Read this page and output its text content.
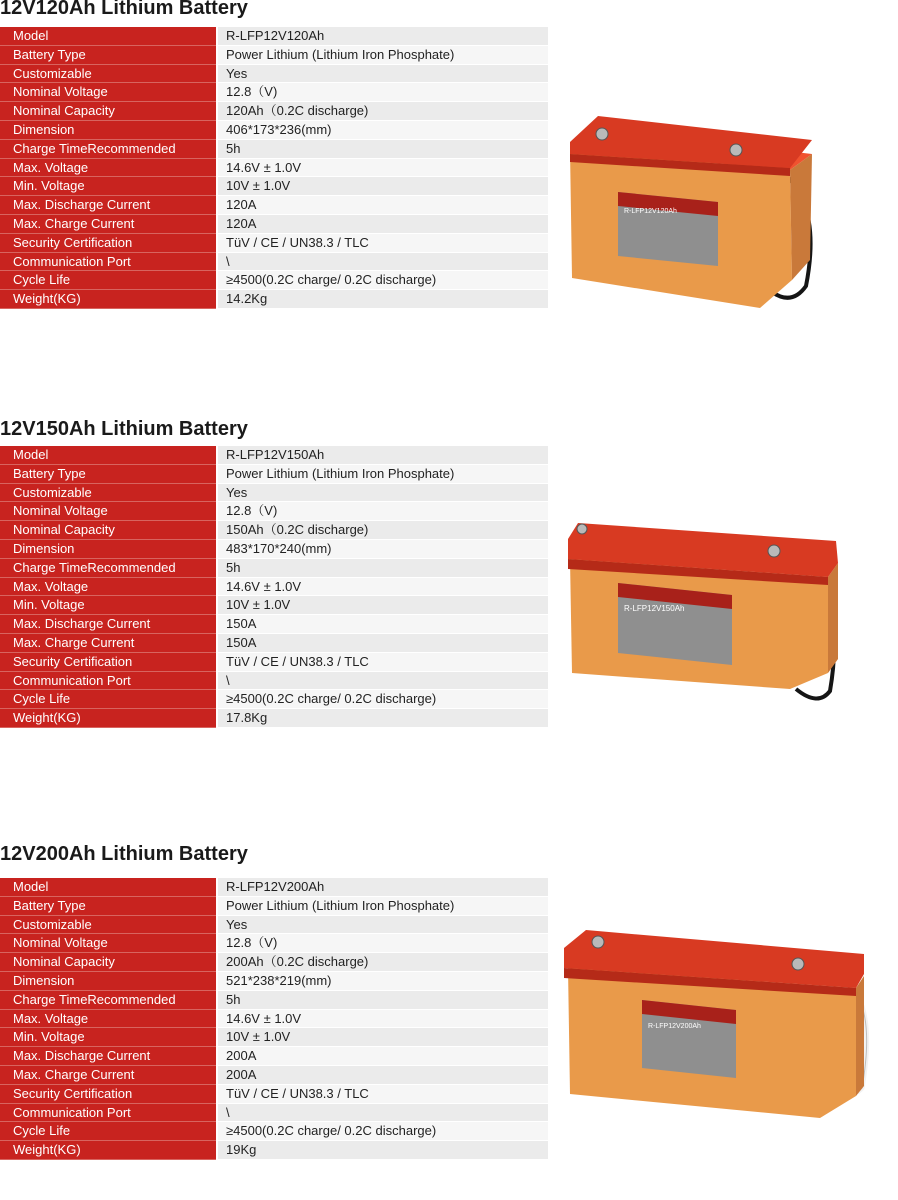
12V120Ah Lithium Battery
Model	R-LFP12V120Ah
Battery Type	Power Lithium (Lithium Iron Phosphate)
Customizable	Yes
Nominal Voltage	12.8（V)
Nominal Capacity	120Ah（0.2C discharge)
Dimension	406*173*236(mm)
Charge TimeRecommended	5h
Max. Voltage	14.6V ± 1.0V
Min. Voltage	10V ± 1.0V
Max. Discharge Current	120A
Max. Charge Current	120A
Security Certification	TüV / CE / UN38.3 / TLC
Communication Port	\
Cycle Life	≥4500(0.2C charge/ 0.2C discharge)
Weight(KG)	14.2Kg
R-LFP12V120Ah
12V150Ah Lithium Battery
Model	R-LFP12V150Ah
Battery Type	Power Lithium (Lithium Iron Phosphate)
Customizable	Yes
Nominal Voltage	12.8（V)
Nominal Capacity	150Ah（0.2C discharge)
Dimension	483*170*240(mm)
Charge TimeRecommended	5h
Max. Voltage	14.6V ± 1.0V
Min. Voltage	10V ± 1.0V
Max. Discharge Current	150A
Max. Charge Current	150A
Security Certification	TüV / CE / UN38.3 / TLC
Communication Port	\
Cycle Life	≥4500(0.2C charge/ 0.2C discharge)
Weight(KG)	17.8Kg
R-LFP12V150Ah
12V200Ah Lithium Battery
Model	R-LFP12V200Ah
Battery Type	Power Lithium (Lithium Iron Phosphate)
Customizable	Yes
Nominal Voltage	12.8（V)
Nominal Capacity	200Ah（0.2C discharge)
Dimension	521*238*219(mm)
Charge TimeRecommended	5h
Max. Voltage	14.6V ± 1.0V
Min. Voltage	10V ± 1.0V
Max. Discharge Current	200A
Max. Charge Current	200A
Security Certification	TüV / CE / UN38.3 / TLC
Communication Port	\
Cycle Life	≥4500(0.2C charge/ 0.2C discharge)
Weight(KG)	19Kg
R-LFP12V200Ah
